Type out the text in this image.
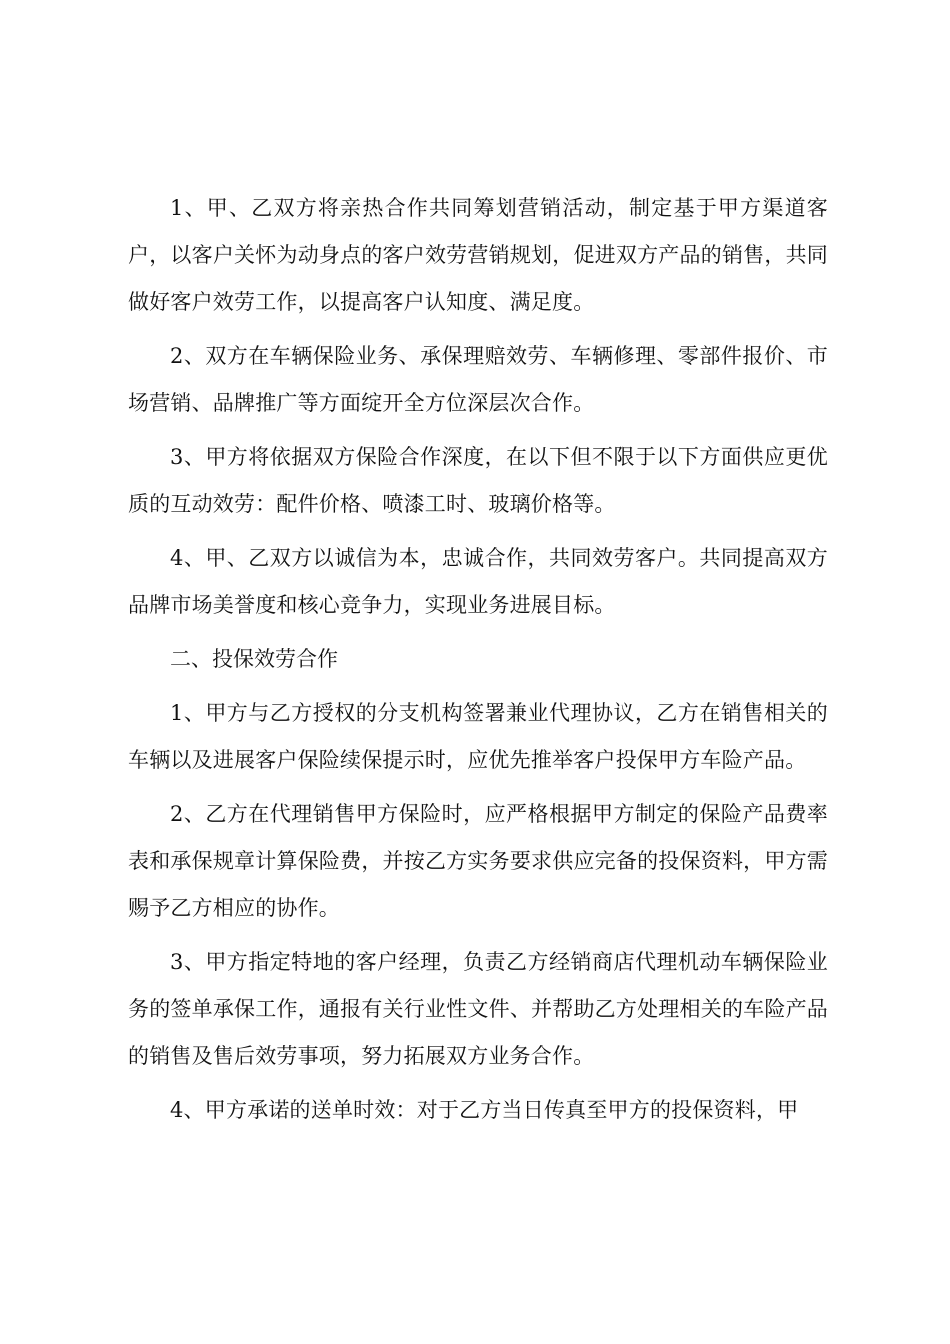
1、甲、乙双方将亲热合作共同筹划营销活动，制定基于甲方渠道客户，以客户关怀为动身点的客户效劳营销规划，促进双方产品的销售，共同做好客户效劳工作，以提高客户认知度、满足度。

2、双方在车辆保险业务、承保理赔效劳、车辆修理、零部件报价、市场营销、品牌推广等方面绽开全方位深层次合作。

3、甲方将依据双方保险合作深度，在以下但不限于以下方面供应更优质的互动效劳：配件价格、喷漆工时、玻璃价格等。

4、甲、乙双方以诚信为本，忠诚合作，共同效劳客户。共同提高双方品牌市场美誉度和核心竞争力，实现业务进展目标。

二、投保效劳合作

1、甲方与乙方授权的分支机构签署兼业代理协议，乙方在销售相关的车辆以及进展客户保险续保提示时，应优先推举客户投保甲方车险产品。

2、乙方在代理销售甲方保险时，应严格根据甲方制定的保险产品费率表和承保规章计算保险费，并按乙方实务要求供应完备的投保资料，甲方需赐予乙方相应的协作。

3、甲方指定特地的客户经理，负责乙方经销商店代理机动车辆保险业务的签单承保工作，通报有关行业性文件、并帮助乙方处理相关的车险产品的销售及售后效劳事项，努力拓展双方业务合作。

4、甲方承诺的送单时效：对于乙方当日传真至甲方的投保资料，甲
